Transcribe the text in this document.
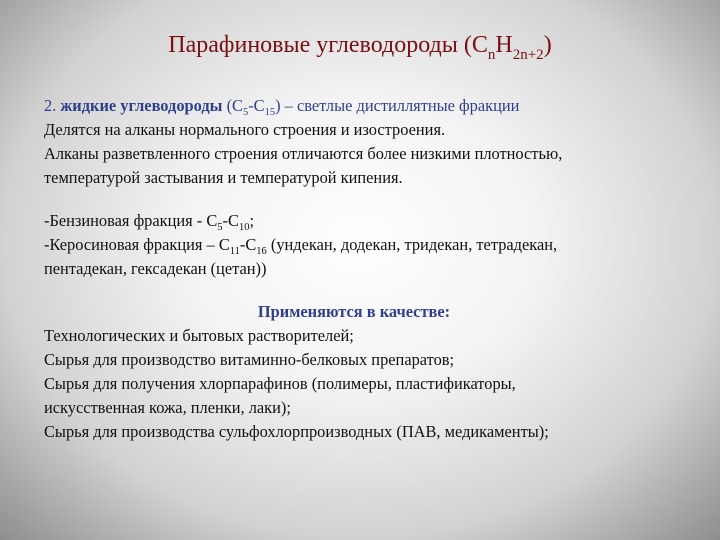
Парафиновые углеводороды $(C_nH_{2n+2})$

2. жидкие углеводороды $(C_5-C_{15})$ – светлые дистиллятные фракции

Делятся на алканы нормального строения и изостроения.

Алканы разветвленного строения отличаются более низкими плотностью,

температурой застывания и температурой кипения.

-Бензиновая фракция - $C_5-C_{10}$;

-Керосиновая фракция – $C_{11}-C_{16}$ (ундекан, додекан, тридекан, тетрадекан,

пентадекан, гексадекан (цетан))

Применяются в качестве:

Технологических и бытовых растворителей;

Сырья для производство витаминно-белковых препаратов;

Сырья для получения хлорпарафинов (полимеры, пластификаторы,

искусственная кожа, пленки, лаки);

Сырья для производства сульфохлорпроизводных (ПАВ, медикаменты);
